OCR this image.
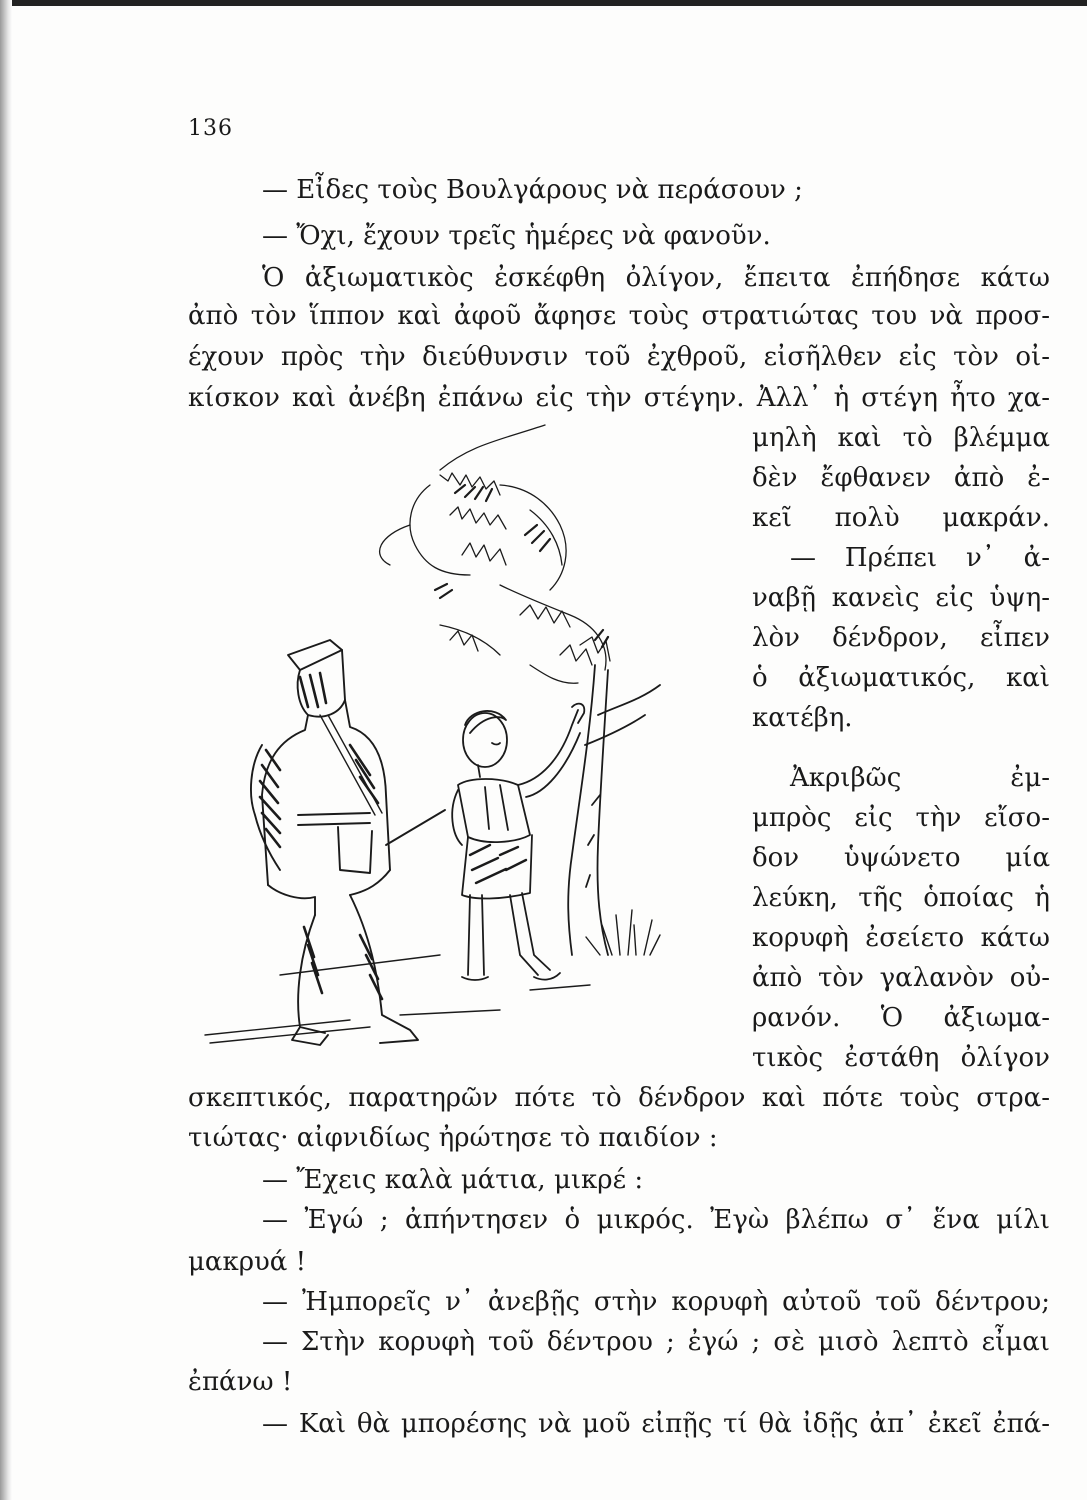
136
— Εἶδες τοὺς Βουλγάρους νὰ περάσουν ;
— Ὄχι, ἔχουν τρεῖς ἡμέρες νὰ φανοῦν.
Ὁ ἀξιωματικὸς ἐσκέφθη ὀλίγον, ἔπειτα ἐπήδησε κάτω
ἀπὸ τὸν ἵππον καὶ ἀφοῦ ἄφησε τοὺς στρατιώτας του νὰ προσ-
έχουν πρὸς τὴν διεύθυνσιν τοῦ ἐχθροῦ, εἰσῆλθεν εἰς τὸν οἰ-
κίσκον καὶ ἀνέβη ἐπάνω εἰς τὴν στέγην. Ἀλλ᾽ ἡ στέγη ἦτο χα-
μηλὴ καὶ τὸ βλέμμα
δὲν ἔφθανεν ἀπὸ ἐ-
κεῖ πολὺ μακράν.
— Πρέπει ν᾽ ἀ-
ναβῇ κανεὶς εἰς ὑψη-
λὸν δένδρον, εἶπεν
ὁ ἀξιωματικός, καὶ
κατέβη.
Ἀκριβῶς ἐμ-
μπρὸς εἰς τὴν εἴσο-
δον ὑψώνετο μία
λεύκη, τῆς ὁποίας ἡ
κορυφὴ ἐσείετο κάτω
ἀπὸ τὸν γαλανὸν οὐ-
ρανόν. Ὁ ἀξιωμα-
τικὸς ἐστάθη ὀλίγον
σκεπτικός, παρατηρῶν πότε τὸ δένδρον καὶ πότε τοὺς στρα-
τιώτας· αἰφνιδίως ἠρώτησε τὸ παιδίον :
— Ἔχεις καλὰ μάτια, μικρέ :
— Ἐγώ ; ἀπήντησεν ὁ μικρός. Ἐγὼ βλέπω σ᾽ ἕνα μίλι
μακρυά !
— Ἠμπορεῖς ν᾽ ἀνεβῇς στὴν κορυφὴ αὐτοῦ τοῦ δέντρου;
— Στὴν κορυφὴ τοῦ δέντρου ; ἐγώ ; σὲ μισὸ λεπτὸ εἶμαι
ἐπάνω !
— Καὶ θὰ μπορέσης νὰ μοῦ εἰπῇς τί θὰ ἰδῇς ἀπ᾽ ἐκεῖ ἐπά-
